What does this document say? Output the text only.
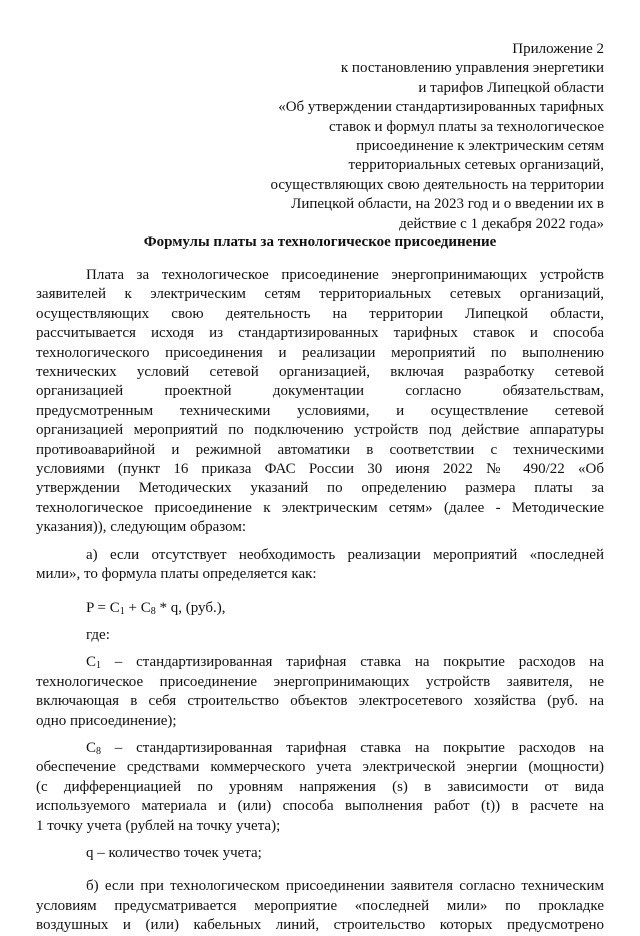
Приложение 2
к постановлению управления энергетики
и тарифов Липецкой области
«Об утверждении стандартизированных тарифных
ставок и формул платы за технологическое
присоединение к электрическим сетям
территориальных сетевых организаций,
осуществляющих свою деятельность на территории
Липецкой области, на 2023 год и о введении их в
действие с 1 декабря 2022 года»
Формулы платы за технологическое присоединение
Плата за технологическое присоединение энергопринимающих устройств
заявителей к электрическим сетям территориальных сетевых организаций,
осуществляющих свою деятельность на территории Липецкой области,
рассчитывается исходя из стандартизированных тарифных ставок и способа
технологического присоединения и реализации мероприятий по выполнению
технических условий сетевой организацией, включая разработку сетевой
организацией проектной документации согласно обязательствам,
предусмотренным техническими условиями, и осуществление сетевой
организацией мероприятий по подключению устройств под действие аппаратуры
противоаварийной и режимной автоматики в соответствии с техническими
условиями (пункт 16 приказа ФАС России 30 июня 2022 № 490/22 «Об
утверждении Методических указаний по определению размера платы за
технологическое присоединение к электрическим сетям» (далее - Методические
указания)), следующим образом:
а) если отсутствует необходимость реализации мероприятий «последней
мили», то формула платы определяется как:
$P = C_1 + C_8 * q$, (руб.),
где:
$C_1$ – стандартизированная тарифная ставка на покрытие расходов на
технологическое присоединение энергопринимающих устройств заявителя, не
включающая в себя строительство объектов электросетевого хозяйства (руб. на
одно присоединение);
$C_8$ – стандартизированная тарифная ставка на покрытие расходов на
обеспечение средствами коммерческого учета электрической энергии (мощности)
(с дифференциацией по уровням напряжения (s) в зависимости от вида
используемого материала и (или) способа выполнения работ (t)) в расчете на
1 точку учета (рублей на точку учета);
q – количество точек учета;
б) если при технологическом присоединении заявителя согласно техническим
условиям предусматривается мероприятие «последней мили» по прокладке
воздушных и (или) кабельных линий, строительство которых предусмотрено
